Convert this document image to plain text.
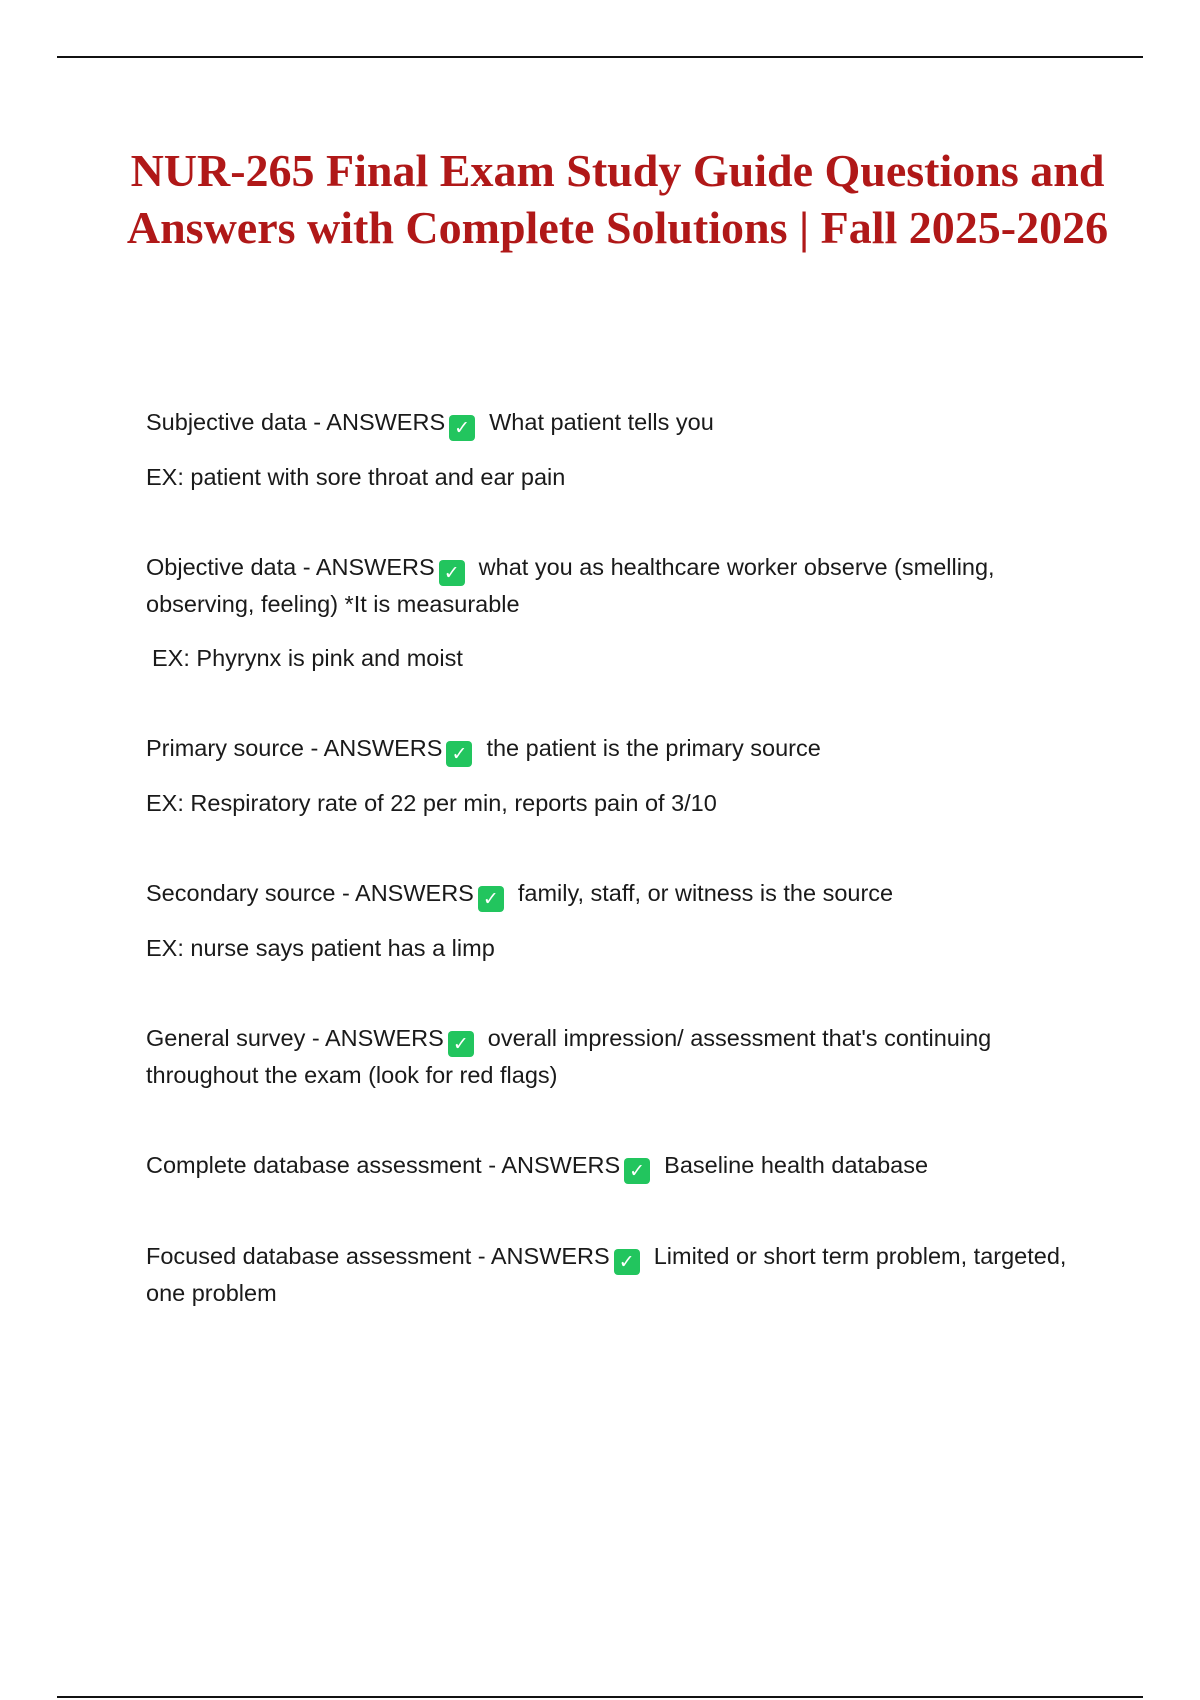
NUR-265 Final Exam Study Guide Questions and Answers with Complete Solutions | Fall 2025-2026

Subjective data - ANSWERS ✓ What patient tells you

EX: patient with sore throat and ear pain

Objective data - ANSWERS ✓ what you as healthcare worker observe (smelling, observing, feeling) *It is measurable

EX: Phyrynx is pink and moist

Primary source - ANSWERS ✓ the patient is the primary source

EX: Respiratory rate of 22 per min, reports pain of 3/10

Secondary source - ANSWERS ✓ family, staff, or witness is the source

EX: nurse says patient has a limp

General survey - ANSWERS ✓ overall impression/ assessment that's continuing throughout the exam (look for red flags)

Complete database assessment - ANSWERS ✓ Baseline health database

Focused database assessment - ANSWERS ✓ Limited or short term problem, targeted, one problem
